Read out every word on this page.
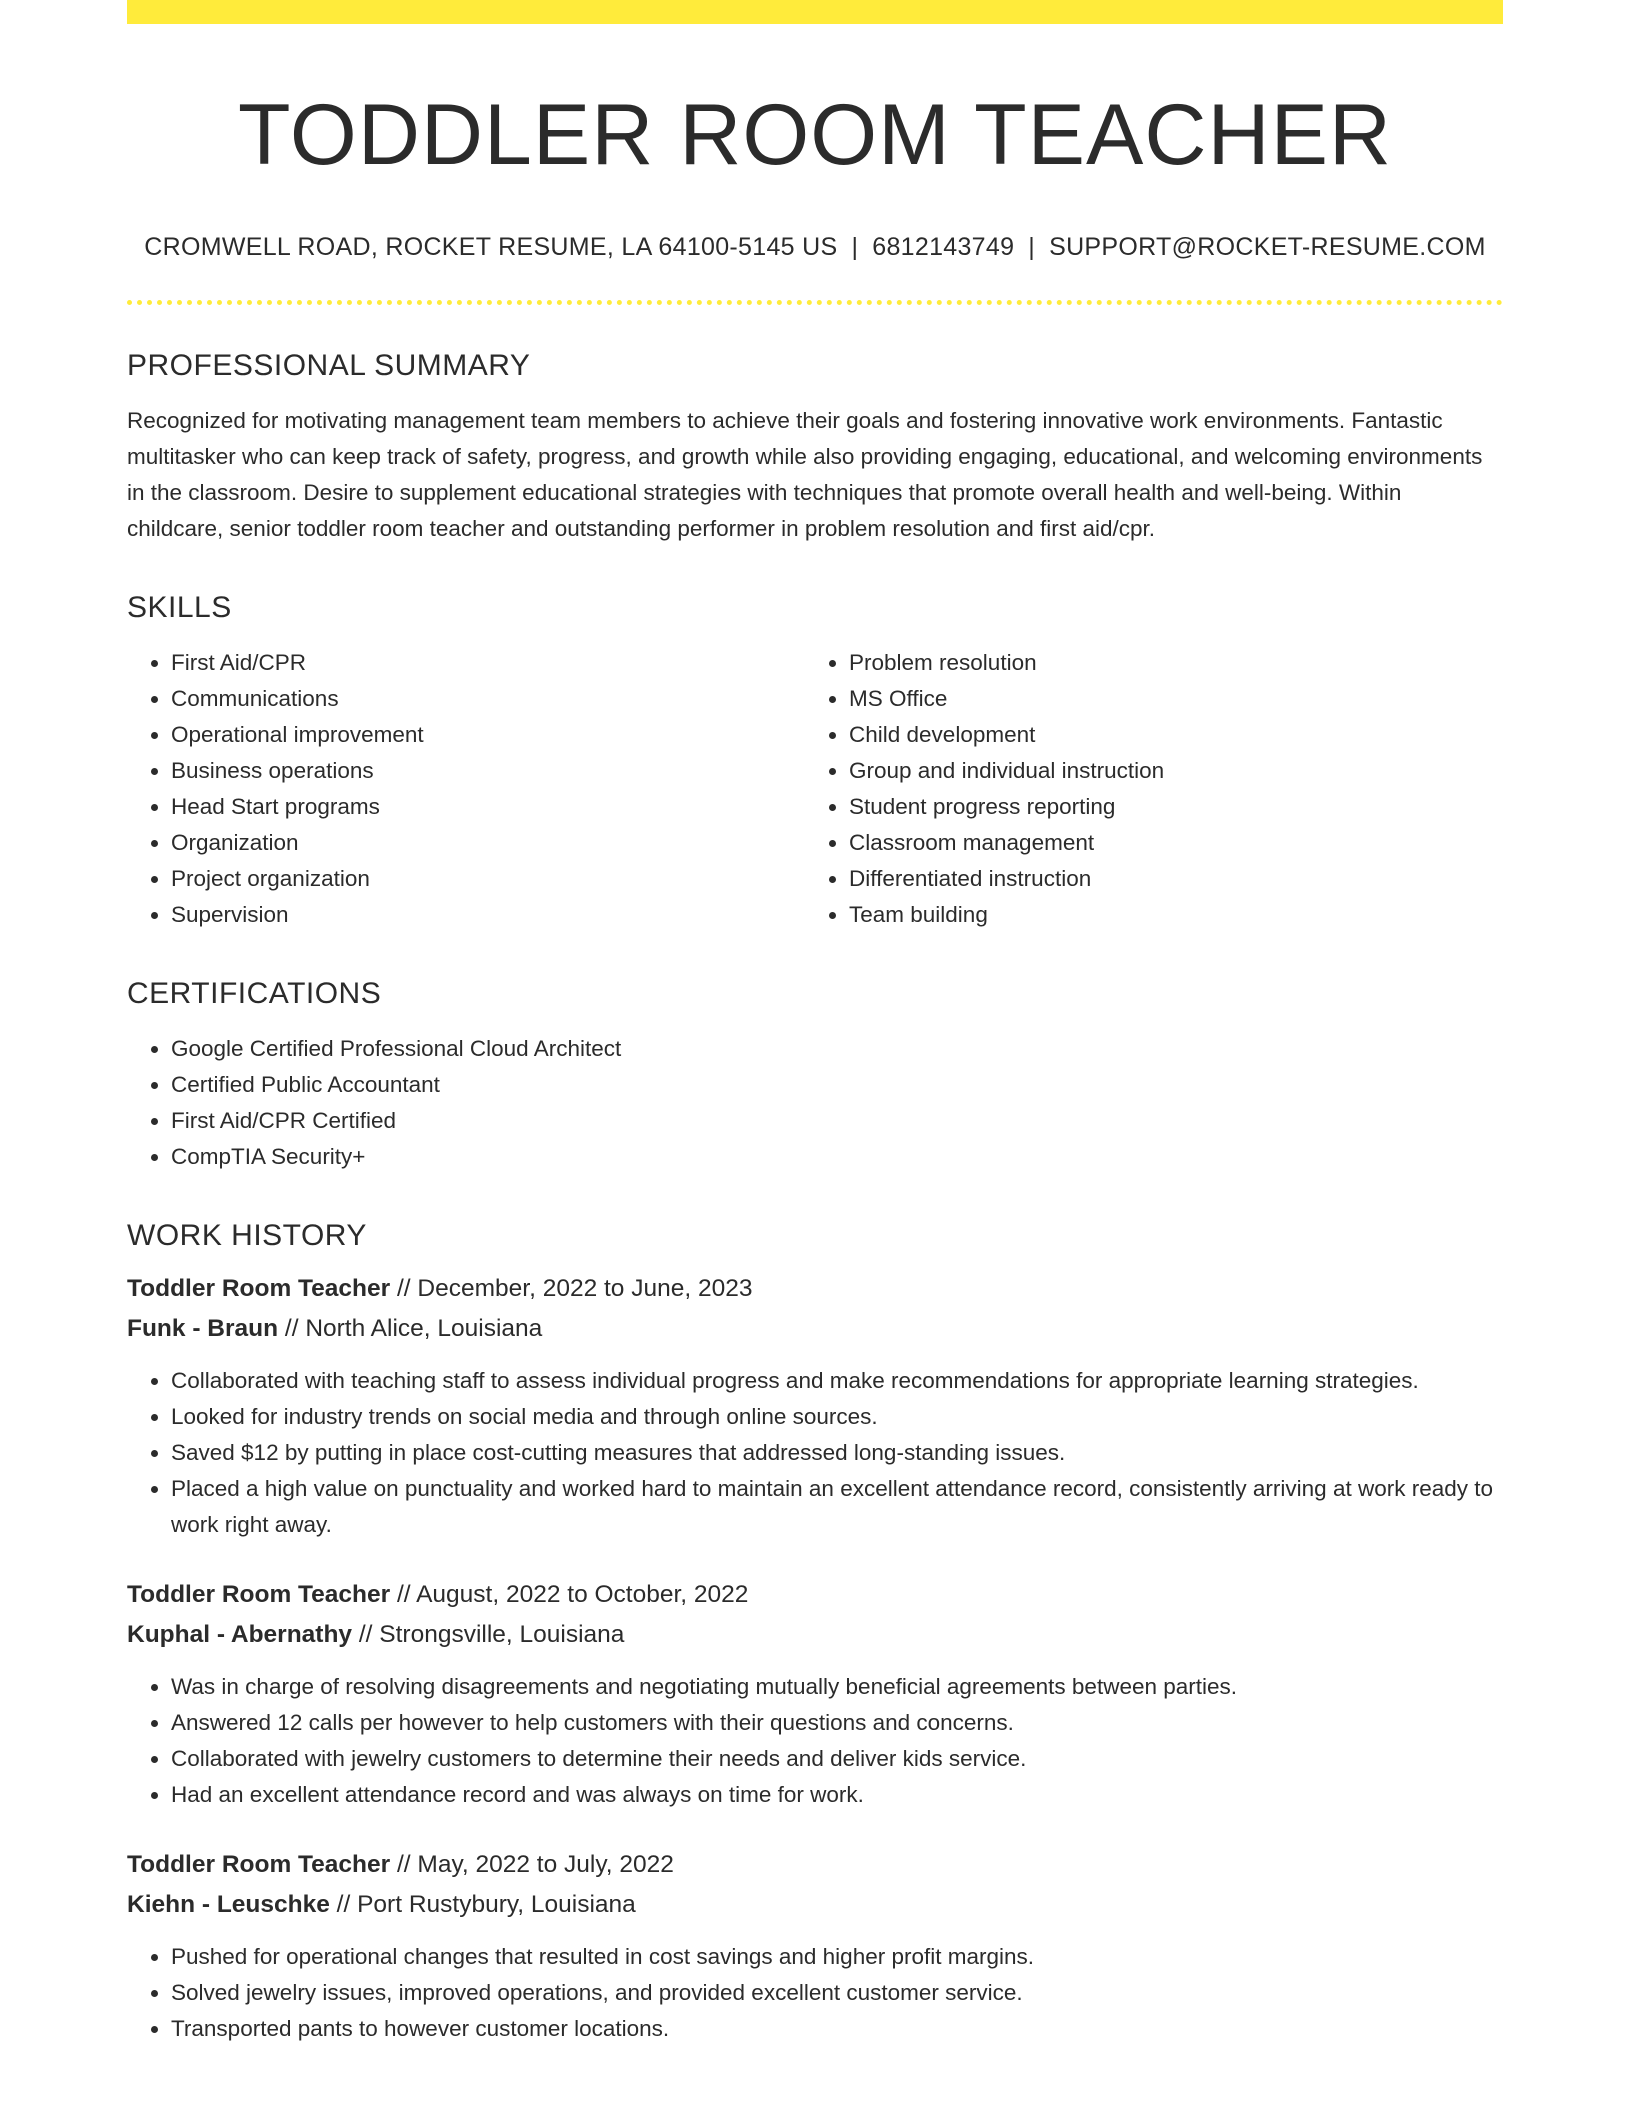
TODDLER ROOM TEACHER
CROMWELL ROAD, ROCKET RESUME, LA 64100-5145 US | 6812143749 | SUPPORT@ROCKET-RESUME.COM
PROFESSIONAL SUMMARY

Recognized for motivating management team members to achieve their goals and fostering innovative work environments. Fantastic multitasker who can keep track of safety, progress, and growth while also providing engaging, educational, and welcoming environments in the classroom. Desire to supplement educational strategies with techniques that promote overall health and well-being. Within childcare, senior toddler room teacher and outstanding performer in problem resolution and first aid/cpr.

SKILLS
• First Aid/CPR
• Communications
• Operational improvement
• Business operations
• Head Start programs
• Organization
• Project organization
• Supervision
• Problem resolution
• MS Office
• Child development
• Group and individual instruction
• Student progress reporting
• Classroom management
• Differentiated instruction
• Team building
CERTIFICATIONS
• Google Certified Professional Cloud Architect
• Certified Public Accountant
• First Aid/CPR Certified
• CompTIA Security+
WORK HISTORY
Toddler Room Teacher // December, 2022 to June, 2023
Funk - Braun // North Alice, Louisiana
• Collaborated with teaching staff to assess individual progress and make recommendations for appropriate learning strategies.
• Looked for industry trends on social media and through online sources.
• Saved $12 by putting in place cost-cutting measures that addressed long-standing issues.
• Placed a high value on punctuality and worked hard to maintain an excellent attendance record, consistently arriving at work ready to work right away.
Toddler Room Teacher // August, 2022 to October, 2022
Kuphal - Abernathy // Strongsville, Louisiana
• Was in charge of resolving disagreements and negotiating mutually beneficial agreements between parties.
• Answered 12 calls per however to help customers with their questions and concerns.
• Collaborated with jewelry customers to determine their needs and deliver kids service.
• Had an excellent attendance record and was always on time for work.
Toddler Room Teacher // May, 2022 to July, 2022
Kiehn - Leuschke // Port Rustybury, Louisiana
• Pushed for operational changes that resulted in cost savings and higher profit margins.
• Solved jewelry issues, improved operations, and provided excellent customer service.
• Transported pants to however customer locations.
